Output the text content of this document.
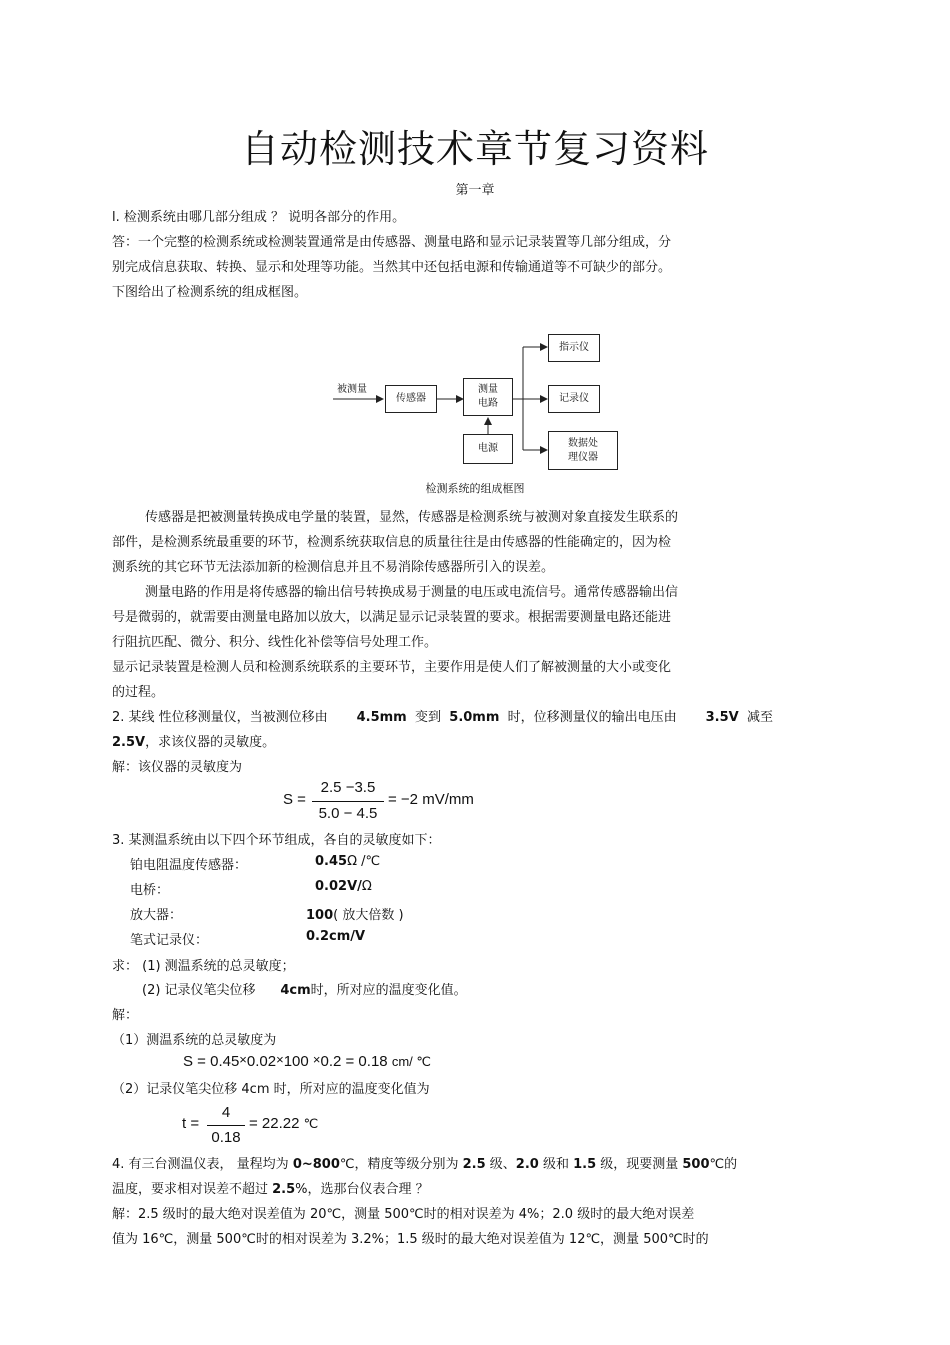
自动检测技术章节复习资料
第一章
l. 检测系统由哪几部分组成 ？ 说明各部分的作用。
答：一个完整的检测系统或检测装置通常是由传感器、测量电路和显示记录装置等几部分组成，分
别完成信息获取、转换、显示和处理等功能。当然其中还包括电源和传输通道等不可缺少的部分。
下图给出了检测系统的组成框图。
被测量
传感器
测量
电路
电源
指示仪
记录仪
数据处
理仪器
检测系统的组成框图
传感器是把被测量转换成电学量的装置，显然，传感器是检测系统与被测对象直接发生联系的
部件，是检测系统最重要的环节，检测系统获取信息的质量往往是由传感器的性能确定的，因为检
测系统的其它环节无法添加新的检测信息并且不易消除传感器所引入的误差。
测量电路的作用是将传感器的输出信号转换成易于测量的电压或电流信号。通常传感器输出信
号是微弱的，就需要由测量电路加以放大，以满足显示记录装置的要求。根据需要测量电路还能进
行阻抗匹配、微分、积分、线性化补偿等信号处理工作。
显示记录装置是检测人员和检测系统联系的主要环节，主要作用是使人们了解被测量的大小或变化
的过程。
2. 某线 性位移测量仪，当被测位移由 4.5mm 变到 5.0mm 时，位移测量仪的输出电压由 3.5V 减至
2.5V，求该仪器的灵敏度。
解：该仪器的灵敏度为
S =
2.5 −3.5
5.0 − 4.5
= −2 mV/mm
3. 某测温系统由以下四个环节组成，各自的灵敏度如下：
铂电阻温度传感器：	0.45Ω /℃
电桥：	0.02V/Ω
放大器：	100( 放大倍数 )
笔式记录仪：	0.2cm/V
求： (1) 测温系统的总灵敏度；
(2) 记录仪笔尖位移 4cm时，所对应的温度变化值。
解：
（1）测温系统的总灵敏度为
S = 0.45×0.02×100 ×0.2 = 0.18 cm/ ℃
（2）记录仪笔尖位移 4cm 时，所对应的温度变化值为
t =
4
0.18
= 22.22 ℃
4. 有三台测温仪表， 量程均为 0~800℃，精度等级分别为 2.5 级、2.0 级和 1.5 级，现要测量 500℃的
温度，要求相对误差不超过 2.5%，选那台仪表合理 ？
解：2.5 级时的最大绝对误差值为 20℃，测量 500℃时的相对误差为 4%；2.0 级时的最大绝对误差
值为 16℃，测量 500℃时的相对误差为 3.2%；1.5 级时的最大绝对误差值为 12℃，测量 500℃时的
